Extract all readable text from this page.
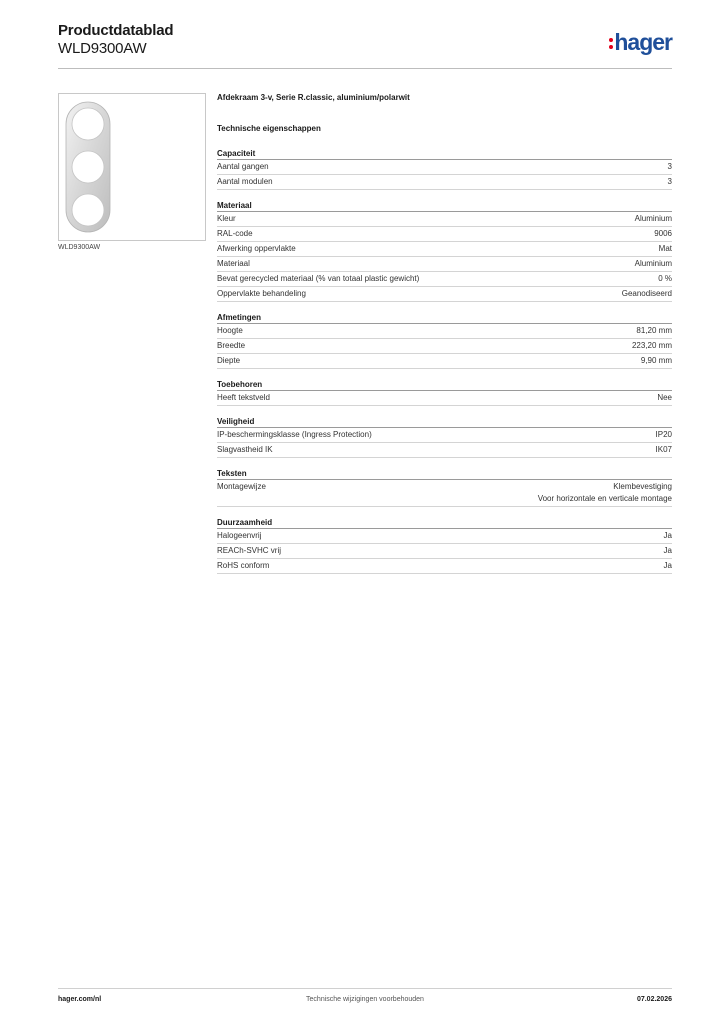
Productdatablad
WLD9300AW	hager
WLD9300AW
Afdekraam 3-v, Serie R.classic, aluminium/polarwit
Technische eigenschappen
Capaciteit
Aantal gangen	3
Aantal modulen	3
Materiaal
Kleur	Aluminium
RAL-code	9006
Afwerking oppervlakte	Mat
Materiaal	Aluminium
Bevat gerecycled materiaal (% van totaal plastic gewicht)	0 %
Oppervlakte behandeling	Geanodiseerd
Afmetingen
Hoogte	81,20 mm
Breedte	223,20 mm
Diepte	9,90 mm
Toebehoren
Heeft tekstveld	Nee
Veiligheid
IP-beschermingsklasse (Ingress Protection)	IP20
Slagvastheid IK	IK07
Teksten
Montagewijze	Klembevestiging
Voor horizontale en verticale montage
Duurzaamheid
Halogeenvrij	Ja
REACh-SVHC vrij	Ja
RoHS conform	Ja
hager.com/nl	Technische wijzigingen voorbehouden	07.02.2026
